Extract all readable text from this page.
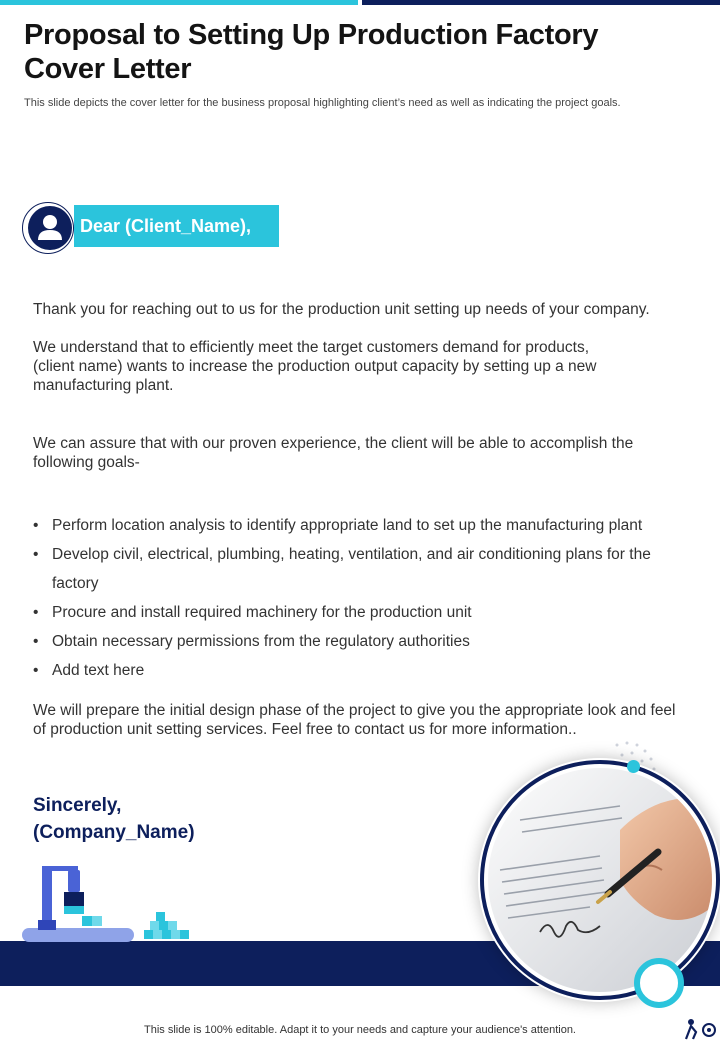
Proposal to Setting Up Production Factory Cover Letter
This slide depicts the cover letter for the business proposal highlighting client’s need as well as indicating the project goals.
Dear (Client_Name),

Thank you for reaching out to us for the production unit setting up needs of your company.

We understand that to efficiently meet the target customers demand for products,
(client name) wants to increase the production output capacity by setting up a new
manufacturing plant.

We can assure that with our proven experience, the client will be able to accomplish the following goals-

• Perform location analysis to identify appropriate land to set up the manufacturing plant
• Develop civil, electrical, plumbing, heating, ventilation, and air conditioning plans for the factory
• Procure and install required machinery for the production unit
• Obtain necessary permissions from the regulatory authorities
• Add text here

We will prepare the initial design phase of the project to give you the appropriate look and feel of production unit setting services. Feel free to contact us for more information..

Sincerely,
(Company_Name)
This slide is 100% editable. Adapt it to your needs and capture your audience's attention.
